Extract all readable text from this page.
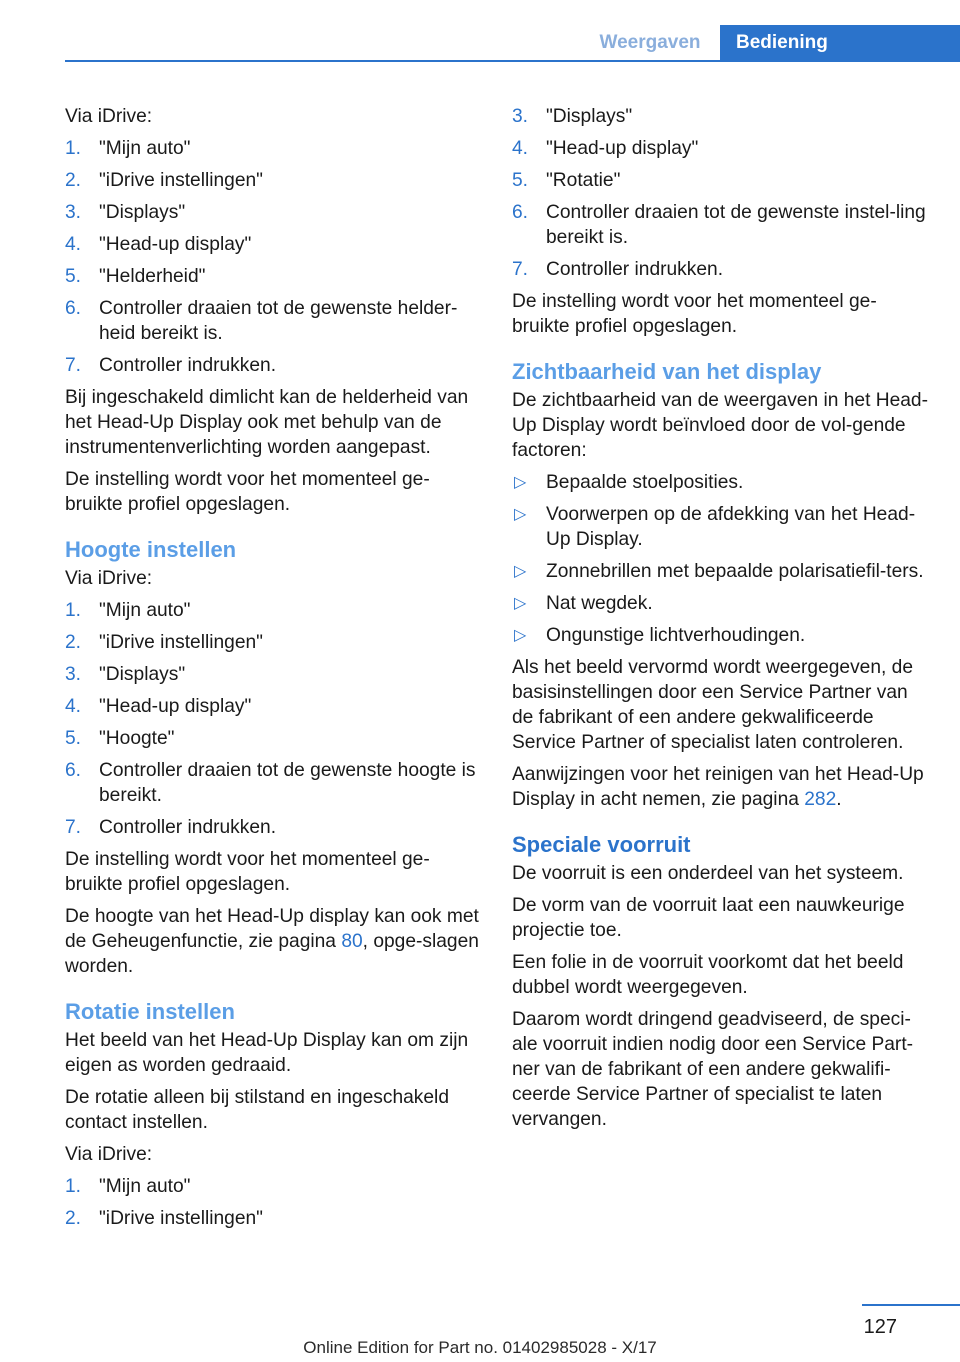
Weergaven	Bediening

Via iDrive:

1. "Mijn auto"
2. "iDrive instellingen"
3. "Displays"
4. "Head-up display"
5. "Helderheid"
6. Controller draaien tot de gewenste helder‐heid bereikt is.
7. Controller indrukken.

Bij ingeschakeld dimlicht kan de helderheid van het Head-Up Display ook met behulp van de instrumentenverlichting worden aangepast.

De instelling wordt voor het momenteel ge‐bruikte profiel opgeslagen.

Hoogte instellen

Via iDrive:

1. "Mijn auto"
2. "iDrive instellingen"
3. "Displays"
4. "Head-up display"
5. "Hoogte"
6. Controller draaien tot de gewenste hoogte is bereikt.
7. Controller indrukken.

De instelling wordt voor het momenteel ge‐bruikte profiel opgeslagen.

De hoogte van het Head-Up display kan ook met de Geheugenfunctie, zie pagina 80, opge‐slagen worden.

Rotatie instellen

Het beeld van het Head-Up Display kan om zijn eigen as worden gedraaid.

De rotatie alleen bij stilstand en ingeschakeld contact instellen.

Via iDrive:

1. "Mijn auto"
2. "iDrive instellingen"
3. "Displays"
4. "Head-up display"
5. "Rotatie"
6. Controller draaien tot de gewenste instel‐ling bereikt is.
7. Controller indrukken.

De instelling wordt voor het momenteel ge‐bruikte profiel opgeslagen.

Zichtbaarheid van het display

De zichtbaarheid van de weergaven in het Head-Up Display wordt beïnvloed door de vol‐gende factoren:

▷ Bepaalde stoelposities.
▷ Voorwerpen op de afdekking van het Head-Up Display.
▷ Zonnebrillen met bepaalde polarisatiefil‐ters.
▷ Nat wegdek.
▷ Ongunstige lichtverhoudingen.

Als het beeld vervormd wordt weergegeven, de basisinstellingen door een Service Partner van de fabrikant of een andere gekwalificeerde Service Partner of specialist laten controleren.

Aanwijzingen voor het reinigen van het Head-Up Display in acht nemen, zie pagina 282.

Speciale voorruit

De voorruit is een onderdeel van het systeem.

De vorm van de voorruit laat een nauwkeurige projectie toe.

Een folie in de voorruit voorkomt dat het beeld dubbel wordt weergegeven.

Daarom wordt dringend geadviseerd, de speci‐ale voorruit indien nodig door een Service Part‐ner van de fabrikant of een andere gekwalifi‐ceerde Service Partner of specialist te laten vervangen.

127
Online Edition for Part no. 01402985028 - X/17
